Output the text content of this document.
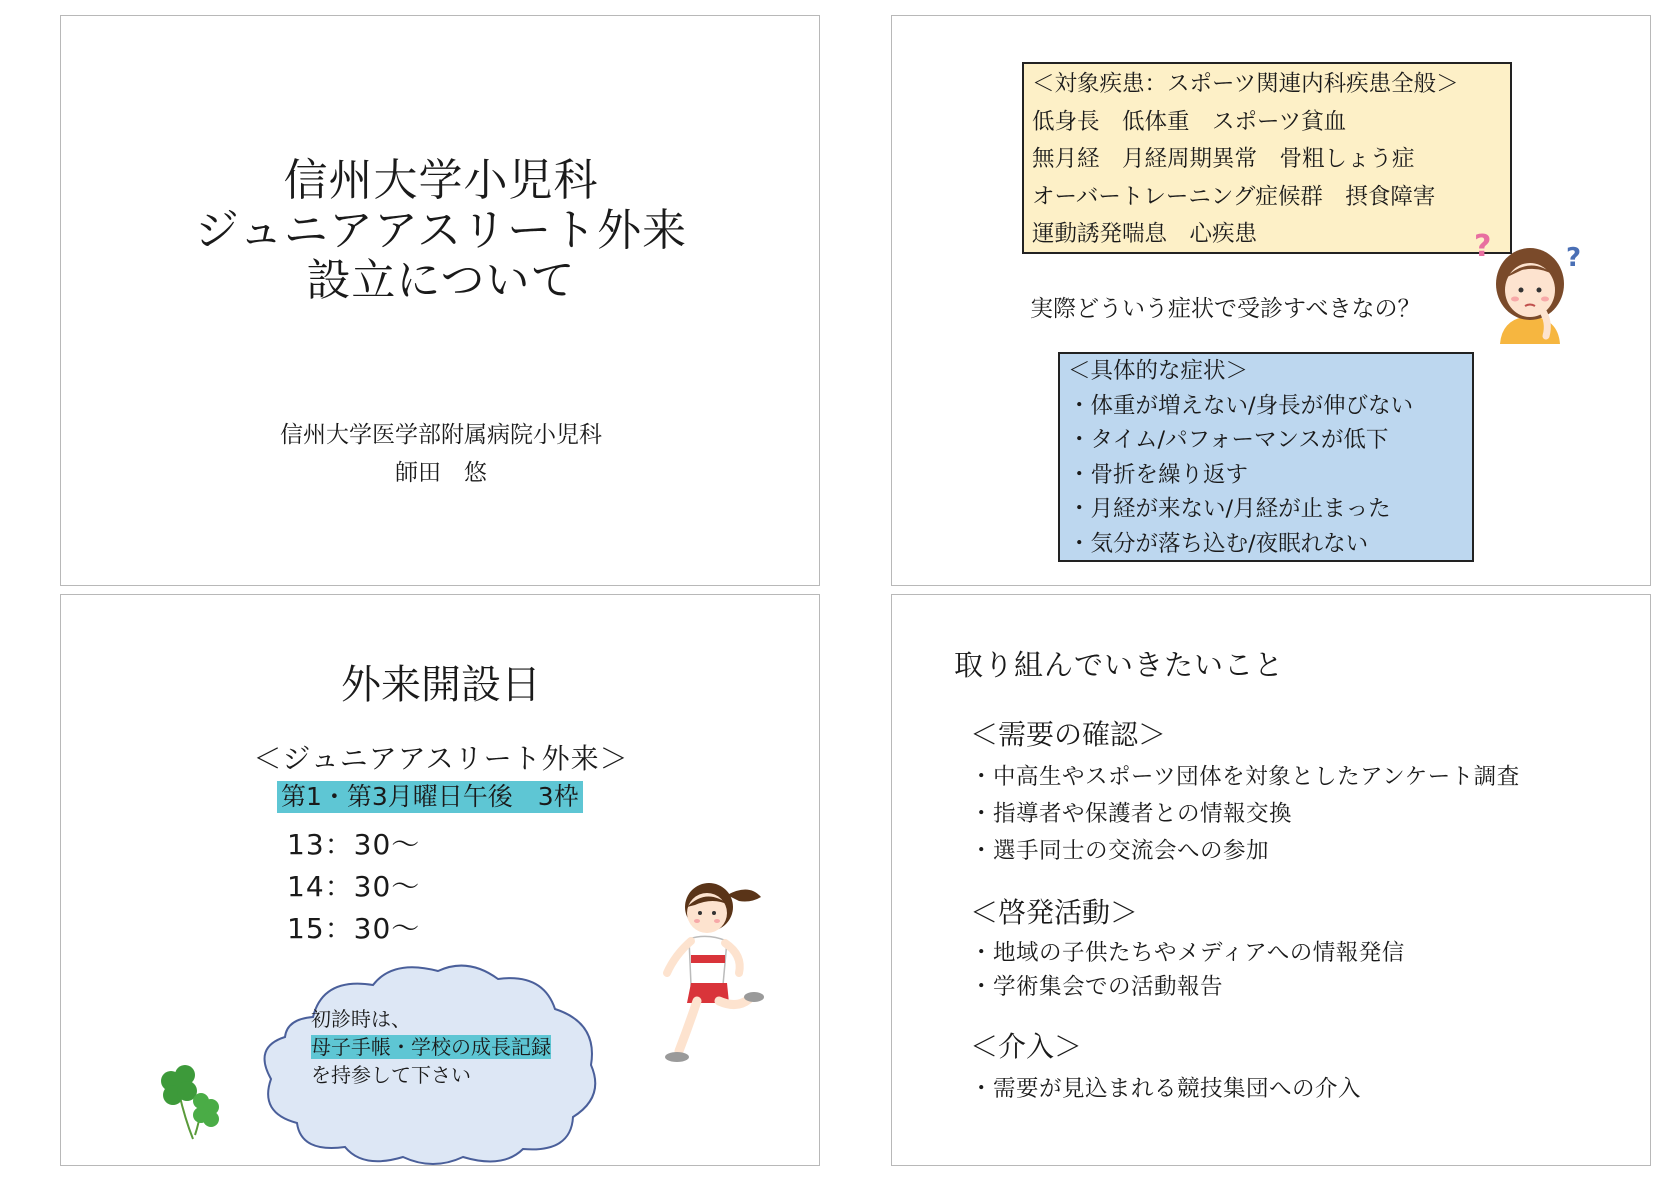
信州大学小児科
ジュニアアスリート外来
設立について
信州大学医学部附属病院小児科
師田　悠
＜対象疾患：スポーツ関連内科疾患全般＞
低身長　低体重　スポーツ貧血
無月経　月経周期異常　骨粗しょう症
オーバートレーニング症候群　摂食障害
運動誘発喘息　心疾患	?	?
実際どういう症状で受診すべきなの？
＜具体的な症状＞
・体重が増えない/身長が伸びない
・タイム/パフォーマンスが低下
・骨折を繰り返す
・月経が来ない/月経が止まった
・気分が落ち込む/夜眠れない
外来開設日
＜ジュニアアスリート外来＞
第1・第3月曜日午後　3枠
13：30～
14：30～
15：30～
初診時は、
母子手帳・学校の成長記録
を持参して下さい
取り組んでいきたいこと
＜需要の確認＞
・中高生やスポーツ団体を対象としたアンケート調査
・指導者や保護者との情報交換
・選手同士の交流会への参加
＜啓発活動＞
・地域の子供たちやメディアへの情報発信
・学術集会での活動報告
＜介入＞
・需要が見込まれる競技集団への介入
